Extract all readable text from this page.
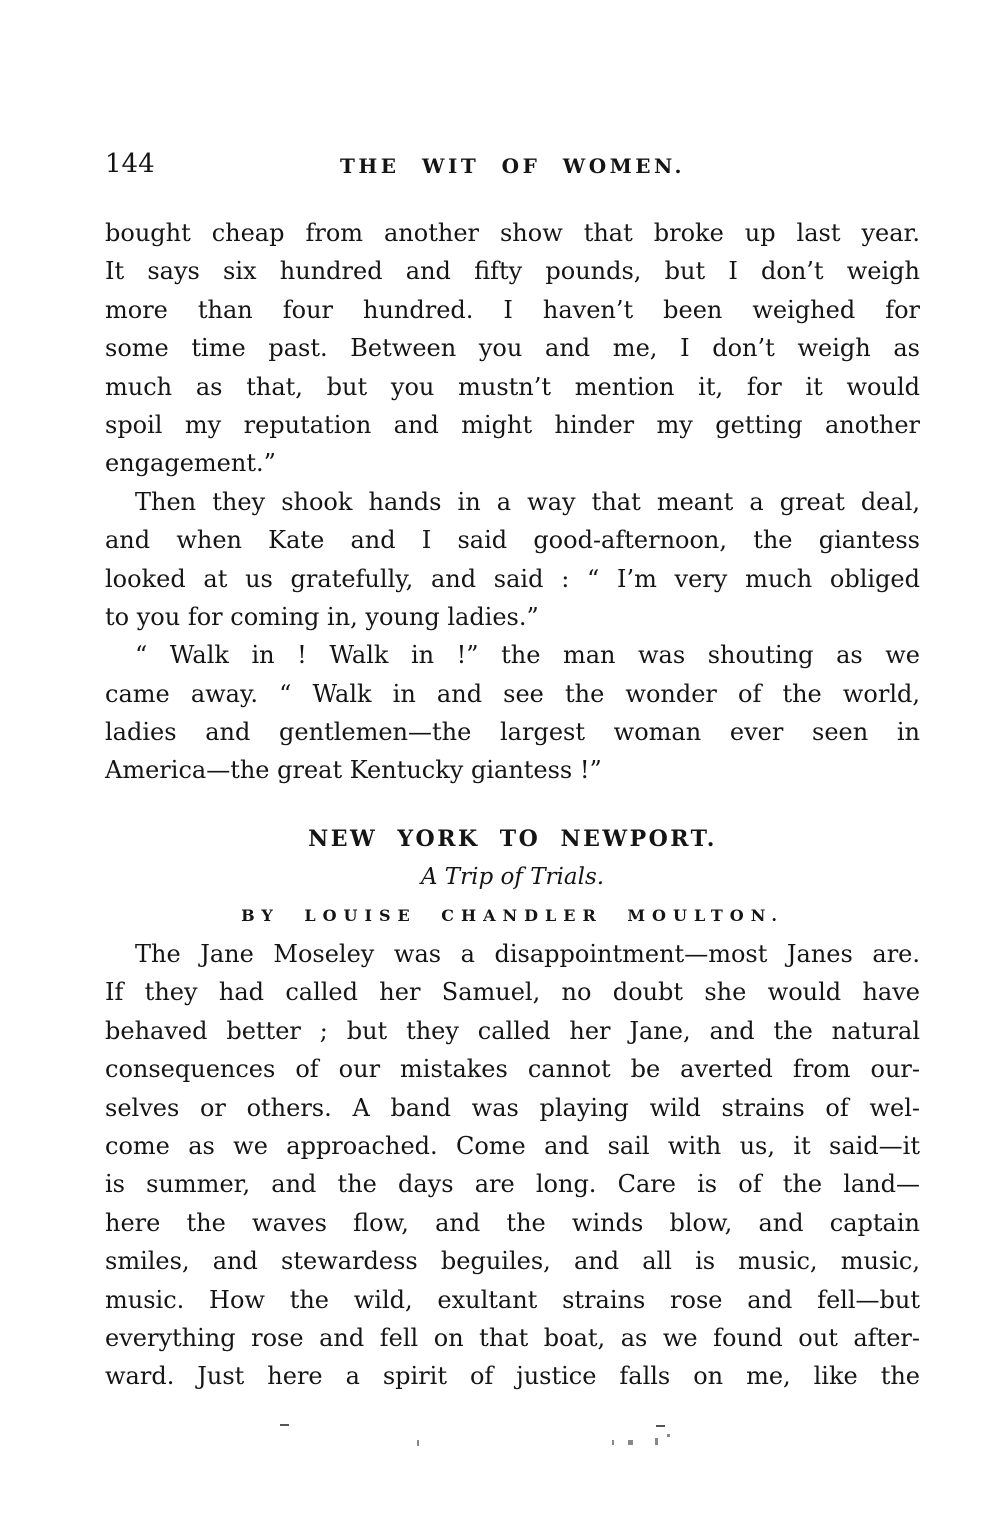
144	THE WIT OF WOMEN.
bought cheap from another show that broke up last year.
It says six hundred and fifty pounds, but I don’t weigh
more than four hundred. I haven’t been weighed for
some time past. Between you and me, I don’t weigh as
much as that, but you mustn’t mention it, for it would
spoil my reputation and might hinder my getting another
engagement.”
Then they shook hands in a way that meant a great deal,
and when Kate and I said good-afternoon, the giantess
looked at us gratefully, and said : “ I’m very much obliged
to you for coming in, young ladies.”
“ Walk in ! Walk in !” the man was shouting as we
came away. “ Walk in and see the wonder of the world,
ladies and gentlemen—the largest woman ever seen in
America—the great Kentucky giantess !”
NEW YORK TO NEWPORT.
A Trip of Trials.
BY LOUISE CHANDLER MOULTON.
The Jane Moseley was a disappointment—most Janes are.
If they had called her Samuel, no doubt she would have
behaved better ; but they called her Jane, and the natural
consequences of our mistakes cannot be averted from our-
selves or others. A band was playing wild strains of wel-
come as we approached. Come and sail with us, it said—it
is summer, and the days are long. Care is of the land—
here the waves flow, and the winds blow, and captain
smiles, and stewardess beguiles, and all is music, music,
music. How the wild, exultant strains rose and fell—but
everything rose and fell on that boat, as we found out after-
ward. Just here a spirit of justice falls on me, like the
